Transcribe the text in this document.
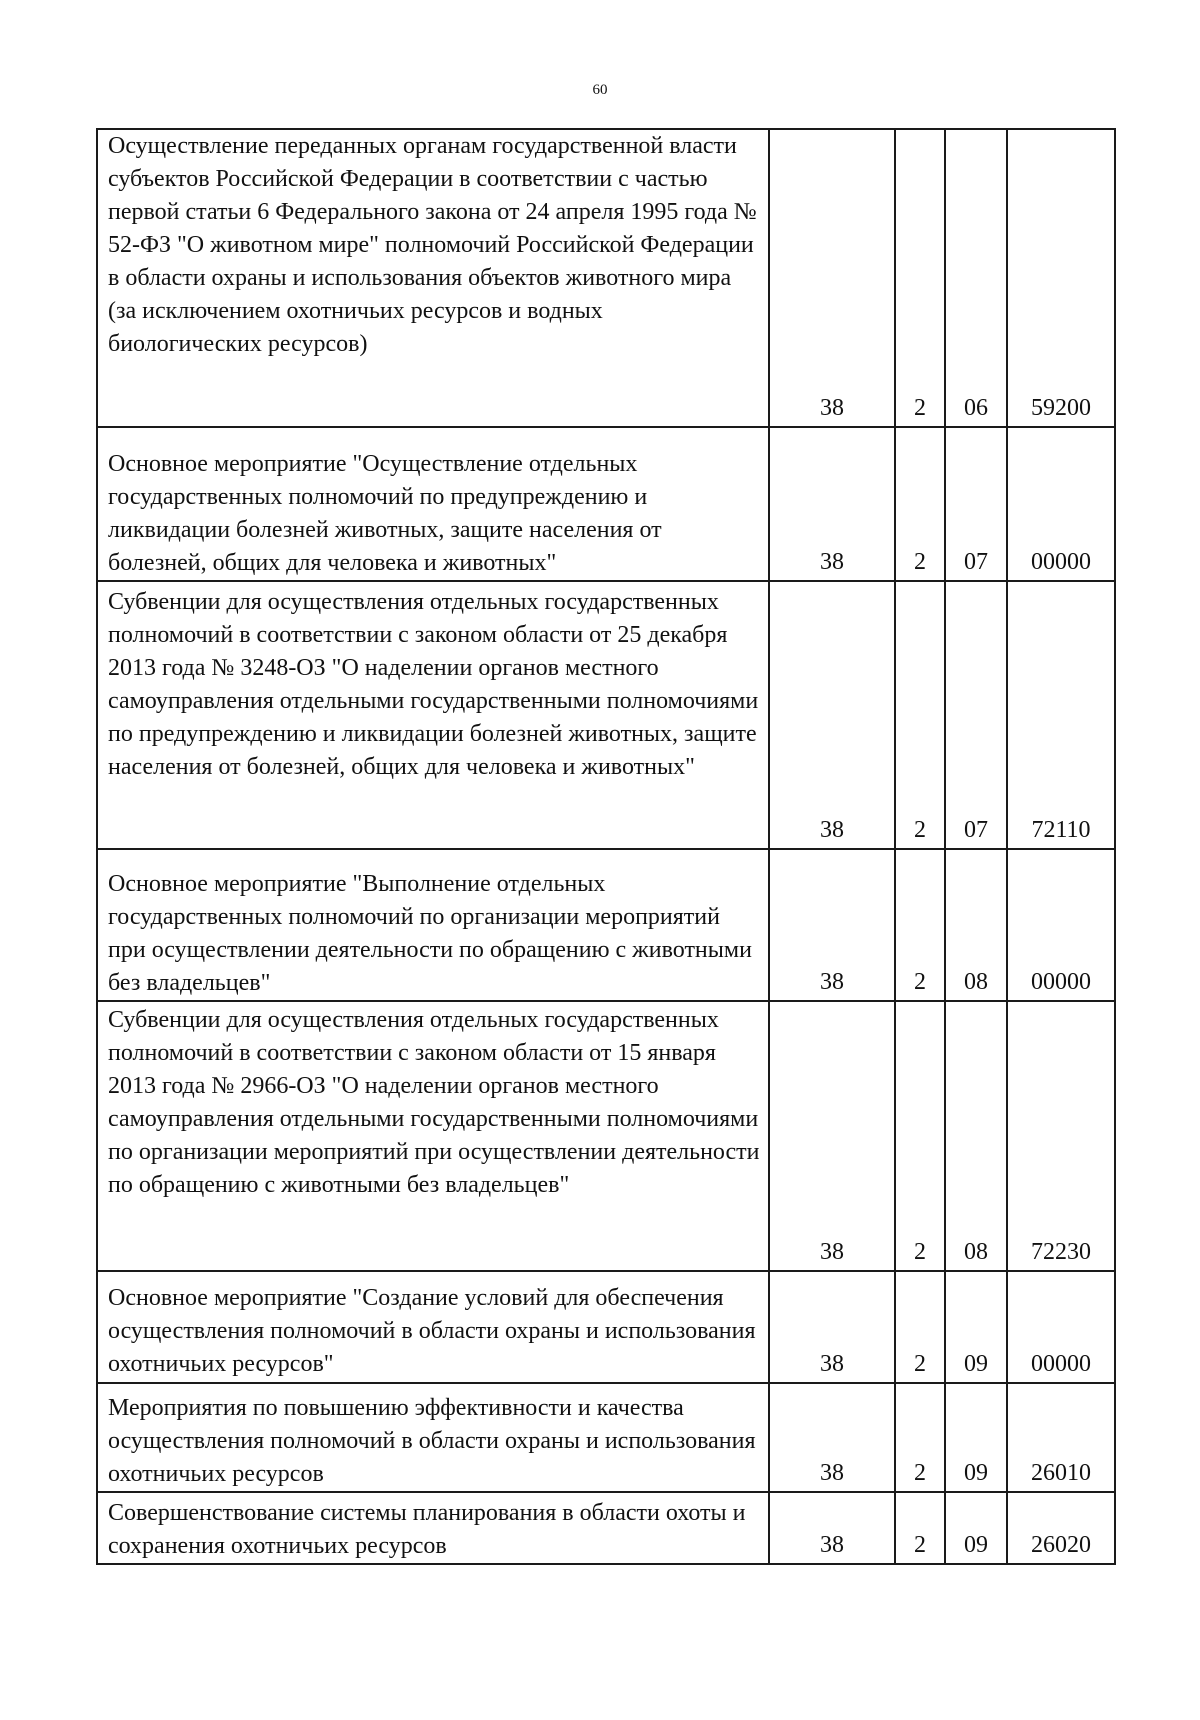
60
Осуществление переданных органам государственной власти субъектов Российской Федерации в соответствии с частью первой статьи 6 Федерального закона от 24 апреля 1995 года № 52-ФЗ "О животном мире" полномочий Российской Федерации в области охраны и использования объектов животного мира (за исключением охотничьих ресурсов и водных биологических ресурсов)	38	2	06	59200

Основное мероприятие "Осуществление отдельных государственных полномочий по предупреждению и ликвидации болезней животных, защите населения от болезней, общих для человека и животных"	38	2	07	00000

Субвенции для осуществления отдельных государственных полномочий в соответствии с законом области от 25 декабря 2013 года № 3248-ОЗ "О наделении органов местного самоуправления отдельными государственными полномочиями по предупреждению и ликвидации болезней животных, защите населения от болезней, общих для человека и животных"	38	2	07	72110

Основное мероприятие "Выполнение отдельных государственных полномочий по организации мероприятий при осуществлении деятельности по обращению с животными без владельцев"	38	2	08	00000

Субвенции для осуществления отдельных государственных полномочий в соответствии с законом области от 15 января 2013 года № 2966-ОЗ "О наделении органов местного самоуправления отдельными государственными полномочиями по организации мероприятий при осуществлении деятельности по обращению с животными без владельцев"	38	2	08	72230

Основное мероприятие "Создание условий для обеспечения осуществления полномочий в области охраны и использования охотничьих ресурсов"	38	2	09	00000

Мероприятия по повышению эффективности и качества осуществления полномочий в области охраны и использования охотничьих ресурсов	38	2	09	26010

Совершенствование системы планирования в области охоты и сохранения охотничьих ресурсов	38	2	09	26020
